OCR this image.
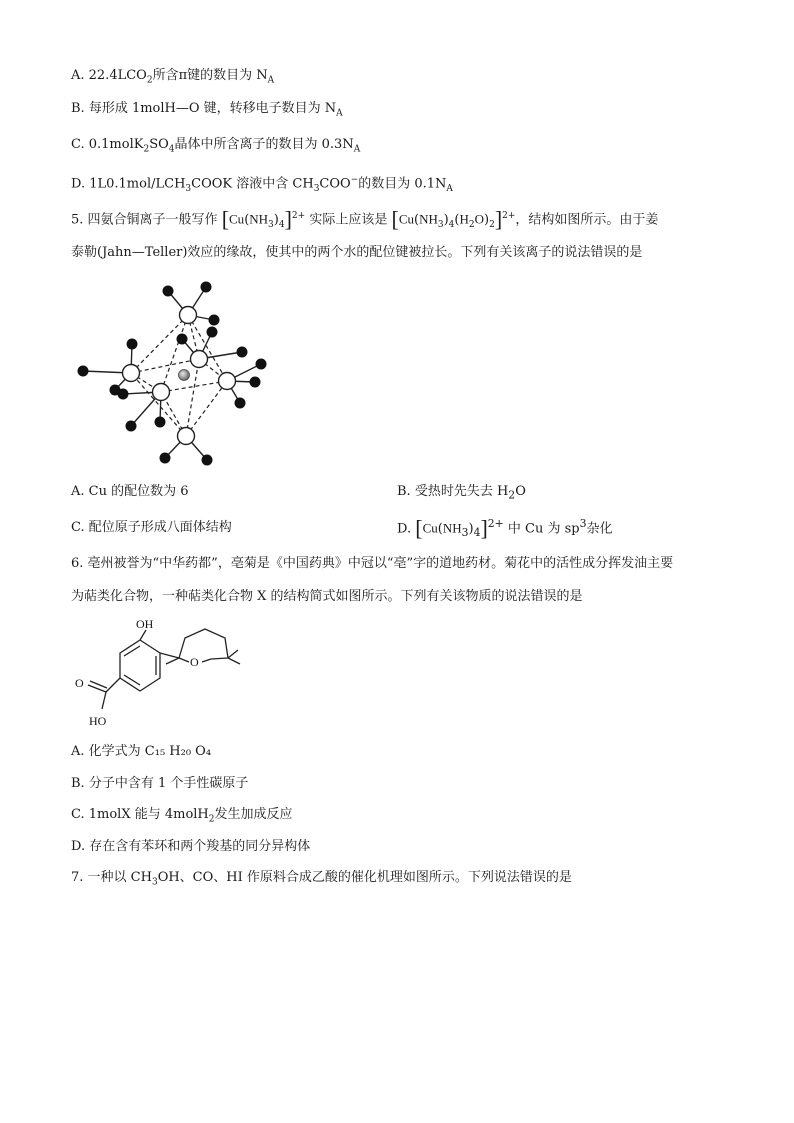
A. $22.4LCO_2$所含π键的数目为 $N_A$
B. 每形成 1molH—O 键，转移电子数目为 $N_A$
C. $0.1molK_2SO_4$晶体中所含离子的数目为 $0.3N_A$
D. $1L0.1mol/LCH_3COOK$ 溶液中含 $CH_3COO^-$的数目为 $0.1N_A$
5. 四氨合铜离子一般写作 $[Cu(NH_3)_4]^{2+}$ 实际上应该是 $[Cu(NH_3)_4(H_2O)_2]^{2+}$，结构如图所示。由于姜
泰勒(Jahn—Teller)效应的缘故，使其中的两个水的配位键被拉长。下列有关该离子的说法错误的是
A. Cu 的配位数为 6	B. 受热时先失去 $H_2O$
C. 配位原子形成八面体结构	D. $[Cu(NH_3)_4]^{2+}$ 中 Cu 为 $sp^3$杂化
6. 亳州被誉为“中华药都”，亳菊是《中国药典》中冠以“亳”字的道地药材。菊花中的活性成分挥发油主要
为萜类化合物，一种萜类化合物 X 的结构简式如图所示。下列有关该物质的说法错误的是
OH
O
O
HO
A. 化学式为 C₁₅ H₂₀ O₄
B. 分子中含有 1 个手性碳原子
C. 1molX 能与 4molH$_2$发生加成反应
D. 存在含有苯环和两个羧基的同分异构体
7. 一种以 $CH_3OH$、CO、HI 作原料合成乙酸的催化机理如图所示。下列说法错误的是
